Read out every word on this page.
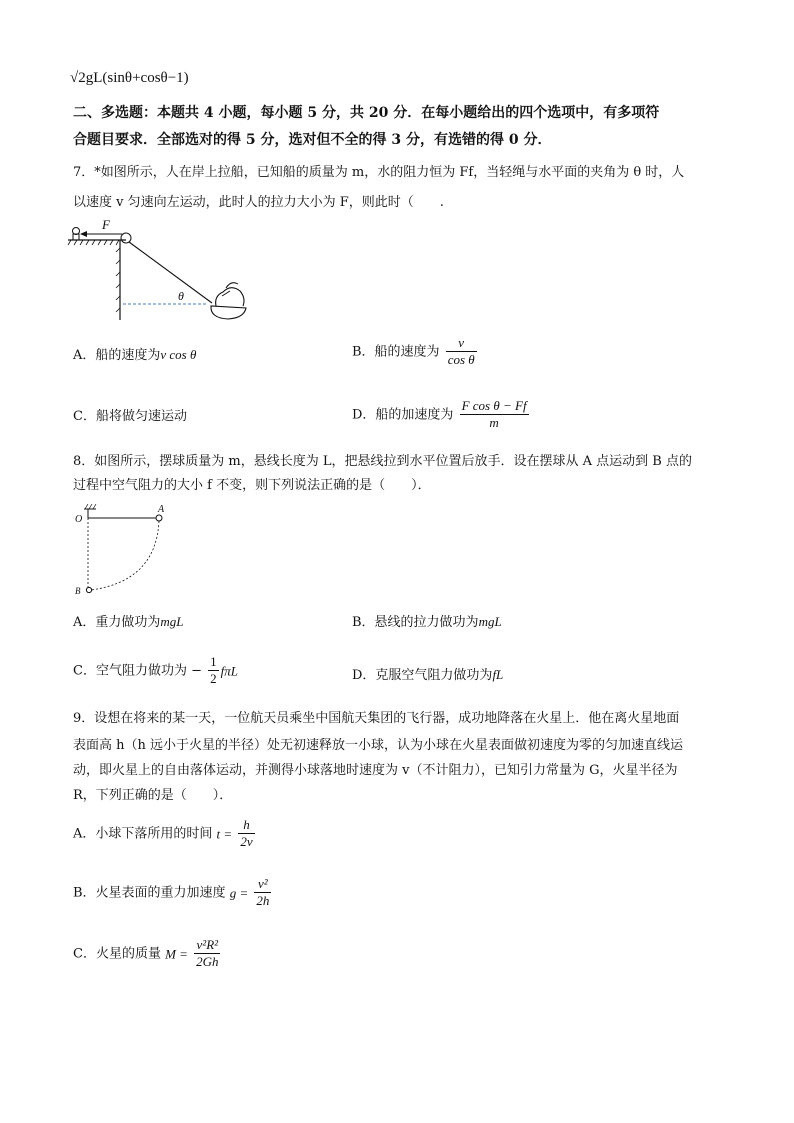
√2gL(sinθ+cosθ−1)
二、多选题：本题共 4 小题，每小题 5 分，共 20 分．在每小题给出的四个选项中，有多项符
合题目要求．全部选对的得 5 分，选对但不全的得 3 分，有选错的得 0 分．
7．*如图所示，人在岸上拉船，已知船的质量为 m，水的阻力恒为 Ff，当轻绳与水平面的夹角为 θ 时，人
以速度 v 匀速向左运动，此时人的拉力大小为 F，则此时（　　.
F
θ
A．船的速度为v cos θ	B．船的速度为 $\frac{v}{\text{cos θ}}$
C．船将做匀速运动	D．船的加速度为 $\frac{\text{F cos θ − Ff}}{m}$
8．如图所示，摆球质量为 m，悬线长度为 L，把悬线拉到水平位置后放手．设在摆球从 A 点运动到 B 点的
过程中空气阻力的大小 f 不变，则下列说法正确的是（　　）．
O
A
B
A．重力做功为mgL	B．悬线的拉力做功为mgL
C．空气阻力做功为 − $\frac{1}{2}$ fπL	D．克服空气阻力做功为fL
9．设想在将来的某一天，一位航天员乘坐中国航天集团的飞行器，成功地降落在火星上．他在离火星地面
表面高 h（h 远小于火星的半径）处无初速释放一小球，认为小球在火星表面做初速度为零的匀加速直线运
动，即火星上的自由落体运动，并测得小球落地时速度为 v（不计阻力），已知引力常量为 G，火星半径为
R，下列正确的是（　　）．
A．小球下落所用的时间 $t = \frac{h}{2v}$
B．火星表面的重力加速度 $g = \frac{\text{v²}}{2h}$
C．火星的质量 $M = \frac{\text{v²R²}}{2Gh}$
